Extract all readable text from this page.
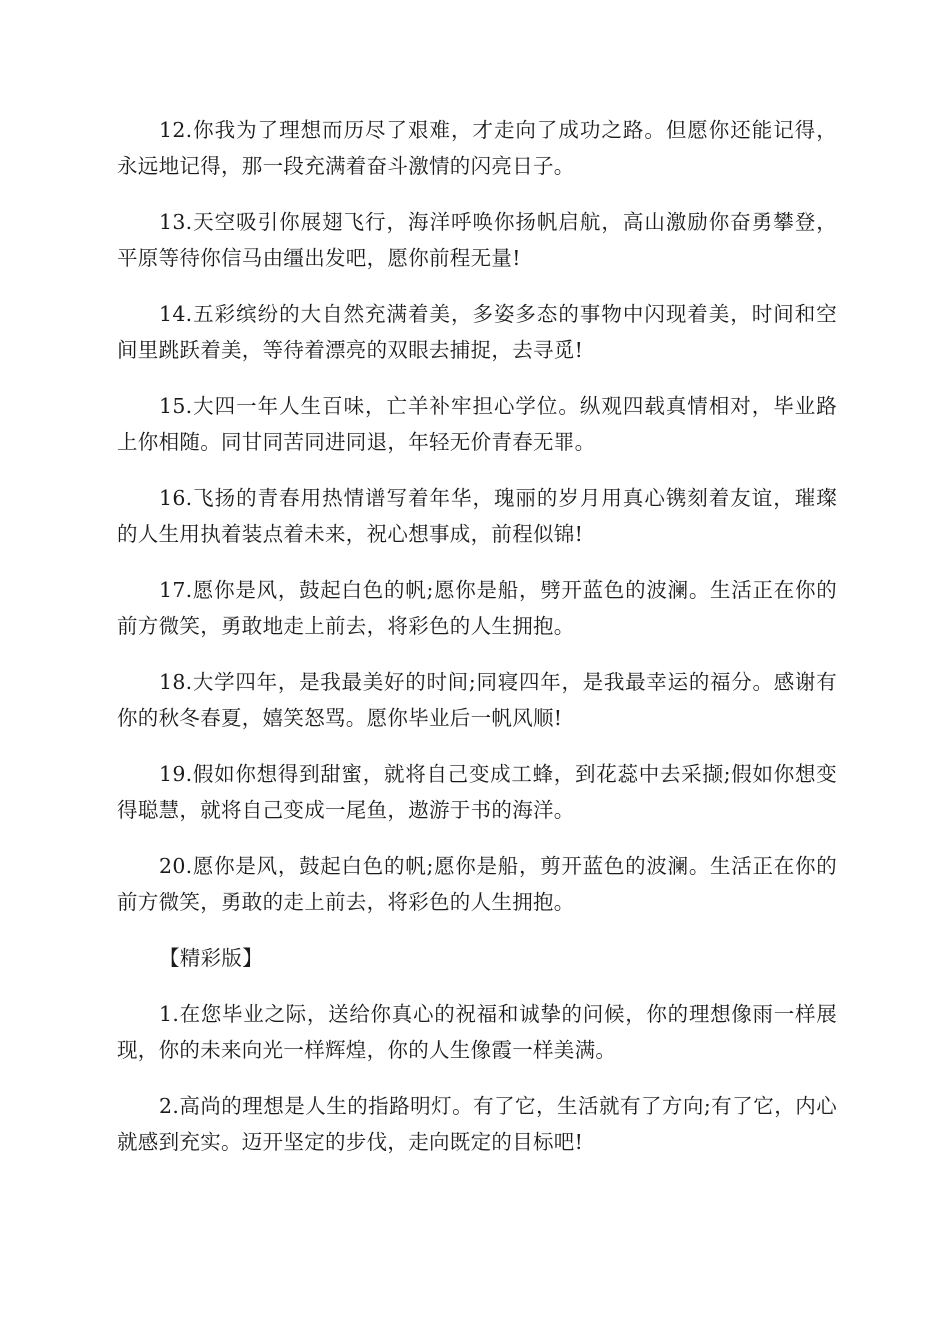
12.你我为了理想而历尽了艰难，才走向了成功之路。但愿你还能记得，永远地记得，那一段充满着奋斗激情的闪亮日子。

13.天空吸引你展翅飞行，海洋呼唤你扬帆启航，高山激励你奋勇攀登，平原等待你信马由缰出发吧，愿你前程无量!

14.五彩缤纷的大自然充满着美，多姿多态的事物中闪现着美，时间和空间里跳跃着美，等待着漂亮的双眼去捕捉，去寻觅!

15.大四一年人生百味，亡羊补牢担心学位。纵观四载真情相对，毕业路上你相随。同甘同苦同进同退，年轻无价青春无罪。

16.飞扬的青春用热情谱写着年华，瑰丽的岁月用真心镌刻着友谊，璀璨的人生用执着装点着未来，祝心想事成，前程似锦!

17.愿你是风，鼓起白色的帆;愿你是船，劈开蓝色的波澜。生活正在你的前方微笑，勇敢地走上前去，将彩色的人生拥抱。

18.大学四年，是我最美好的时间;同寝四年，是我最幸运的福分。感谢有你的秋冬春夏，嬉笑怒骂。愿你毕业后一帆风顺!

19.假如你想得到甜蜜，就将自己变成工蜂，到花蕊中去采撷;假如你想变得聪慧，就将自己变成一尾鱼，遨游于书的海洋。

20.愿你是风，鼓起白色的帆;愿你是船，剪开蓝色的波澜。生活正在你的前方微笑，勇敢的走上前去，将彩色的人生拥抱。

【精彩版】

1.在您毕业之际，送给你真心的祝福和诚挚的问候，你的理想像雨一样展现，你的未来向光一样辉煌，你的人生像霞一样美满。

2.高尚的理想是人生的指路明灯。有了它，生活就有了方向;有了它，内心就感到充实。迈开坚定的步伐，走向既定的目标吧!
